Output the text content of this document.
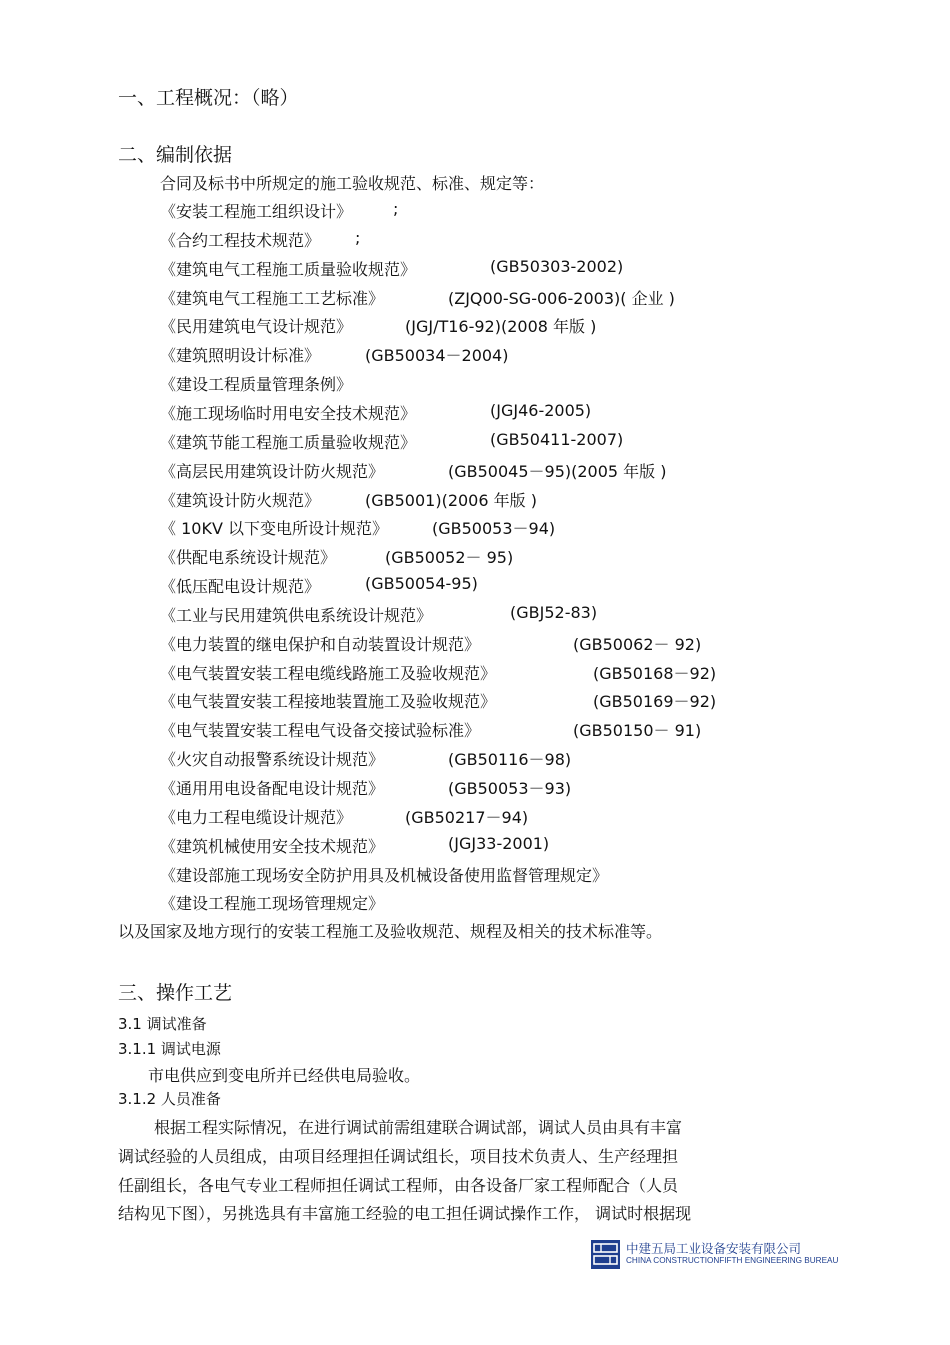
一、工程概况：（略）
二、编制依据
合同及标书中所规定的施工验收规范、标准、规定等：
《安装工程施工组织设计》	;
《合约工程技术规范》 ;
《建筑电气工程施工质量验收规范》	(GB50303-2002)
《建筑电气工程施工工艺标准》	(ZJQ00-SG-006-2003)( 企业 )
《民用建筑电气设计规范》	(JGJ/T16-92)(2008 年版 )
《建筑照明设计标准》	(GB50034－2004)
《建设工程质量管理条例》
《施工现场临时用电安全技术规范》	(JGJ46-2005)
《建筑节能工程施工质量验收规范》	(GB50411-2007)
《高层民用建筑设计防火规范》	(GB50045－95)(2005 年版 )
《建筑设计防火规范》	(GB5001)(2006 年版 )
《 10KV 以下变电所设计规范》	(GB50053－94)
《供配电系统设计规范》	(GB50052－ 95)
《低压配电设计规范》	(GB50054-95)
《工业与民用建筑供电系统设计规范》	(GBJ52-83)
《电力装置的继电保护和自动装置设计规范》	(GB50062－ 92)
《电气装置安装工程电缆线路施工及验收规范》	(GB50168－92)
《电气装置安装工程接地装置施工及验收规范》	(GB50169－92)
《电气装置安装工程电气设备交接试验标准》	(GB50150－ 91)
《火灾自动报警系统设计规范》	(GB50116－98)
《通用用电设备配电设计规范》	(GB50053－93)
《电力工程电缆设计规范》	(GB50217－94)
《建筑机械使用安全技术规范》	(JGJ33-2001)
《建设部施工现场安全防护用具及机械设备使用监督管理规定》
《建设工程施工现场管理规定》
以及国家及地方现行的安装工程施工及验收规范、规程及相关的技术标准等。
三、操作工艺
3.1 调试准备
3.1.1 调试电源
市电供应到变电所并已经供电局验收。
3.1.2 人员准备
根据工程实际情况，在进行调试前需组建联合调试部，调试人员由具有丰富
调试经验的人员组成，由项目经理担任调试组长，项目技术负责人、生产经理担
任副组长，各电气专业工程师担任调试工程师，由各设备厂家工程师配合（人员
结构见下图），另挑选具有丰富施工经验的电工担任调试操作工作， 调试时根据现
中建五局工业设备安装有限公司
CHINA CONSTRUCTIONFIFTH ENGINEERING BUREAU
